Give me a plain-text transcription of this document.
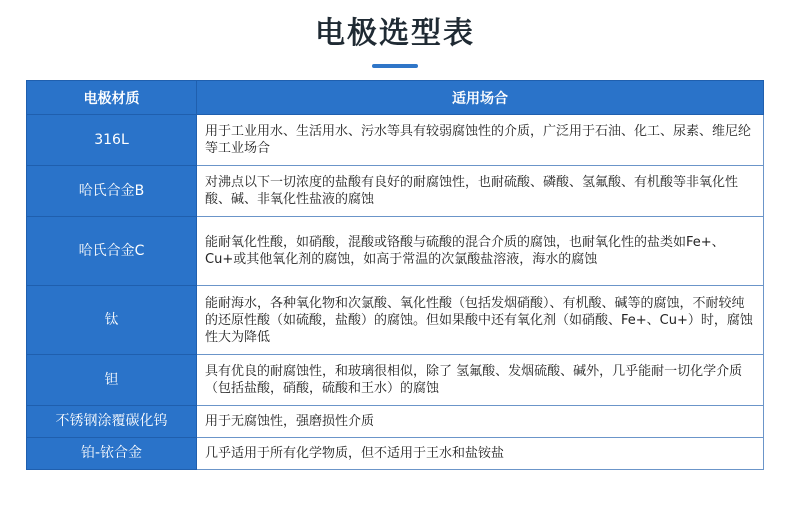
电极选型表
电极材质	适用场合
316L	用于工业用水、生活用水、污水等具有较弱腐蚀性的介质，广泛用于石油、化工、尿素、维尼纶等工业场合
哈氏合金B	对沸点以下一切浓度的盐酸有良好的耐腐蚀性，也耐硫酸、磷酸、氢氟酸、有机酸等非氧化性酸、碱、非氧化性盐液的腐蚀
哈氏合金C	能耐氧化性酸，如硝酸，混酸或铬酸与硫酸的混合介质的腐蚀，也耐氧化性的盐类如Fe+、Cu+或其他氧化剂的腐蚀，如高于常温的次氯酸盐溶液，海水的腐蚀
钛	能耐海水，各种氧化物和次氯酸、氧化性酸（包括发烟硝酸）、有机酸、碱等的腐蚀，不耐较纯的还原性酸（如硫酸，盐酸）的腐蚀。但如果酸中还有氧化剂（如硝酸、Fe+、Cu+）时，腐蚀性大为降低
钽	具有优良的耐腐蚀性，和玻璃很相似，除了 氢氟酸、发烟硫酸、碱外，几乎能耐一切化学介质（包括盐酸，硝酸，硫酸和王水）的腐蚀
不锈钢涂覆碳化钨	用于无腐蚀性，强磨损性介质
铂-铱合金	几乎适用于所有化学物质，但不适用于王水和盐铵盐
